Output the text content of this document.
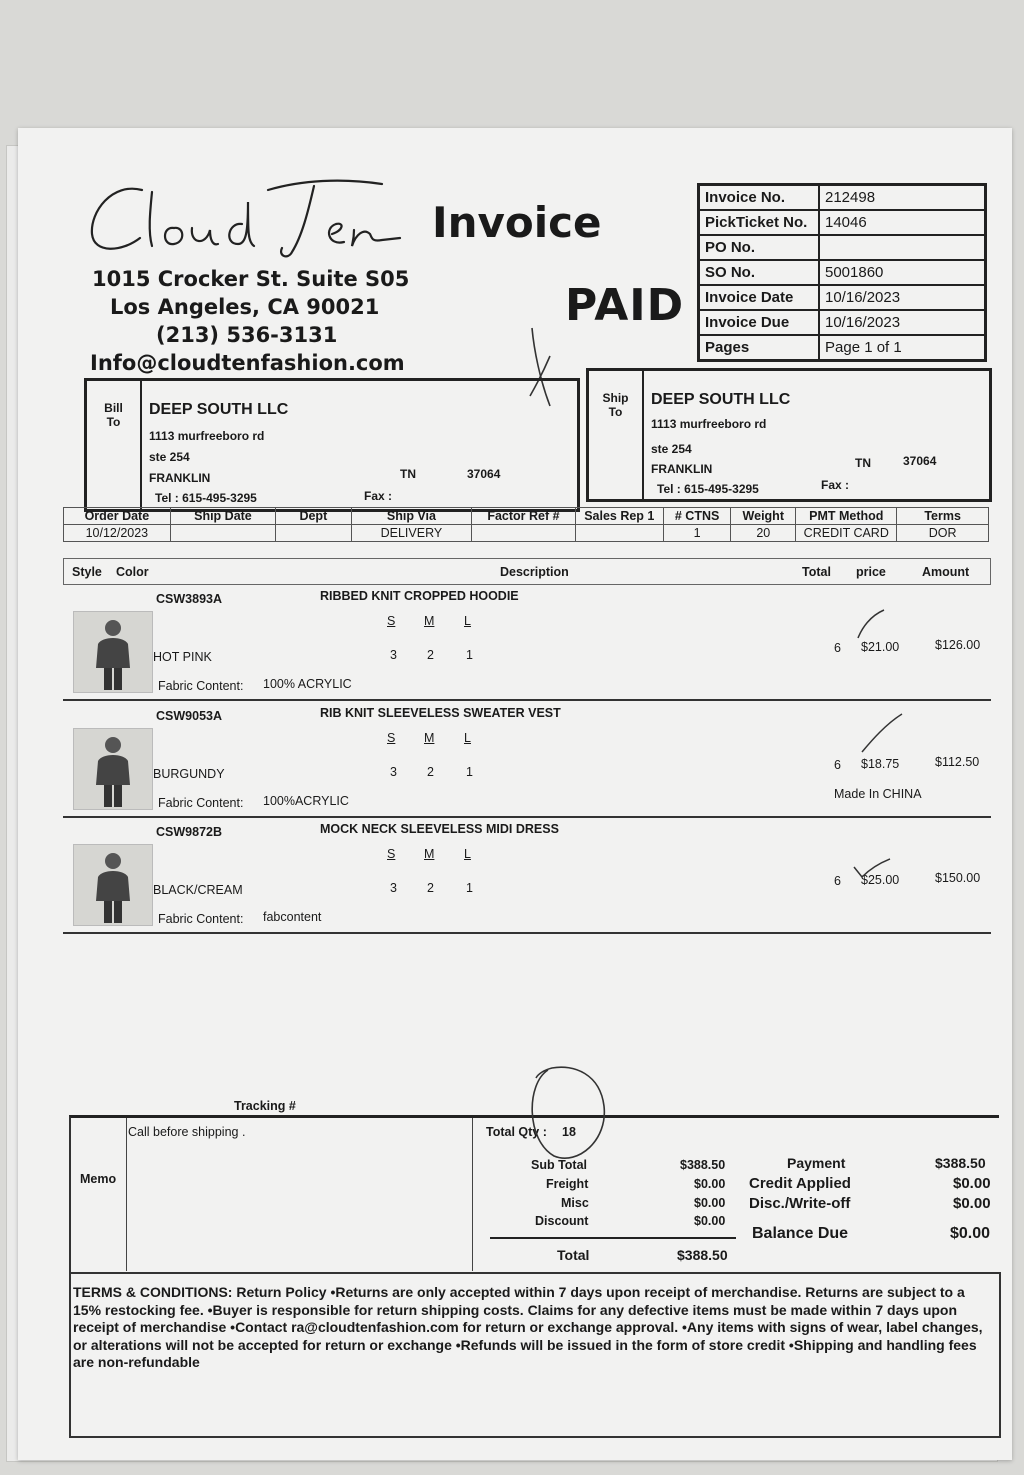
Invoice
1015 Crocker St. Suite S05
Los Angeles, CA 90021
(213) 536-3131
Info@cloudtenfashion.com
PAID
Invoice No.	212498
PickTicket No.	14046
PO No.	
SO No.	5001860
Invoice Date	10/16/2023
Invoice Due	10/16/2023
Pages	Page 1 of 1
Bill
To
DEEP SOUTH LLC
1113 murfreeboro rd
ste 254
FRANKLIN	TN	37064
Tel : 615-495-3295	Fax :
Ship
To
DEEP SOUTH LLC
1113 murfreeboro rd
ste 254
FRANKLIN	TN	37064
Tel : 615-495-3295	Fax :
Order Date	Ship Date	Dept	Ship Via	Factor Ref #	Sales Rep 1	# CTNS	Weight	PMT Method	Terms
10/12/2023			DELIVERY			1	20	CREDIT CARD	DOR
Style Color	Description	Total price	Amount
CSW3893A	RIBBED KNIT CROPPED HOODIE
S M L
HOT PINK	3 2	1	6 $21.00	$126.00
Fabric Content: 100% ACRYLIC
CSW9053A	RIB KNIT SLEEVELESS SWEATER VEST
S M L
BURGUNDY	3 2	1	6 $18.75	$112.50
Fabric Content: 100%ACRYLIC	Made In CHINA
CSW9872B	MOCK NECK SLEEVELESS MIDI DRESS
S M L
BLACK/CREAM	3 2	1	6 $25.00	$150.00
Fabric Content: fabcontent
Tracking #
Memo
Call before shipping .	Total Qty : 18
Sub Total	$388.50
Freight	$0.00
Misc	$0.00
Discount	$0.00
Total	$388.50
Payment	$388.50
Credit Applied	$0.00
Disc./Write-off	$0.00
Balance Due	$0.00
TERMS & CONDITIONS: Return Policy •Returns are only accepted within 7 days upon receipt of merchandise. Returns are subject to a 15% restocking fee. •Buyer is responsible for return shipping costs. Claims for any defective items must be made within 7 days upon receipt of merchandise •Contact ra@cloudtenfashion.com for return or exchange approval. •Any items with signs of wear, label changes, or alterations will not be accepted for return or exchange •Refunds will be issued in the form of store credit •Shipping and handling fees are non-refundable
